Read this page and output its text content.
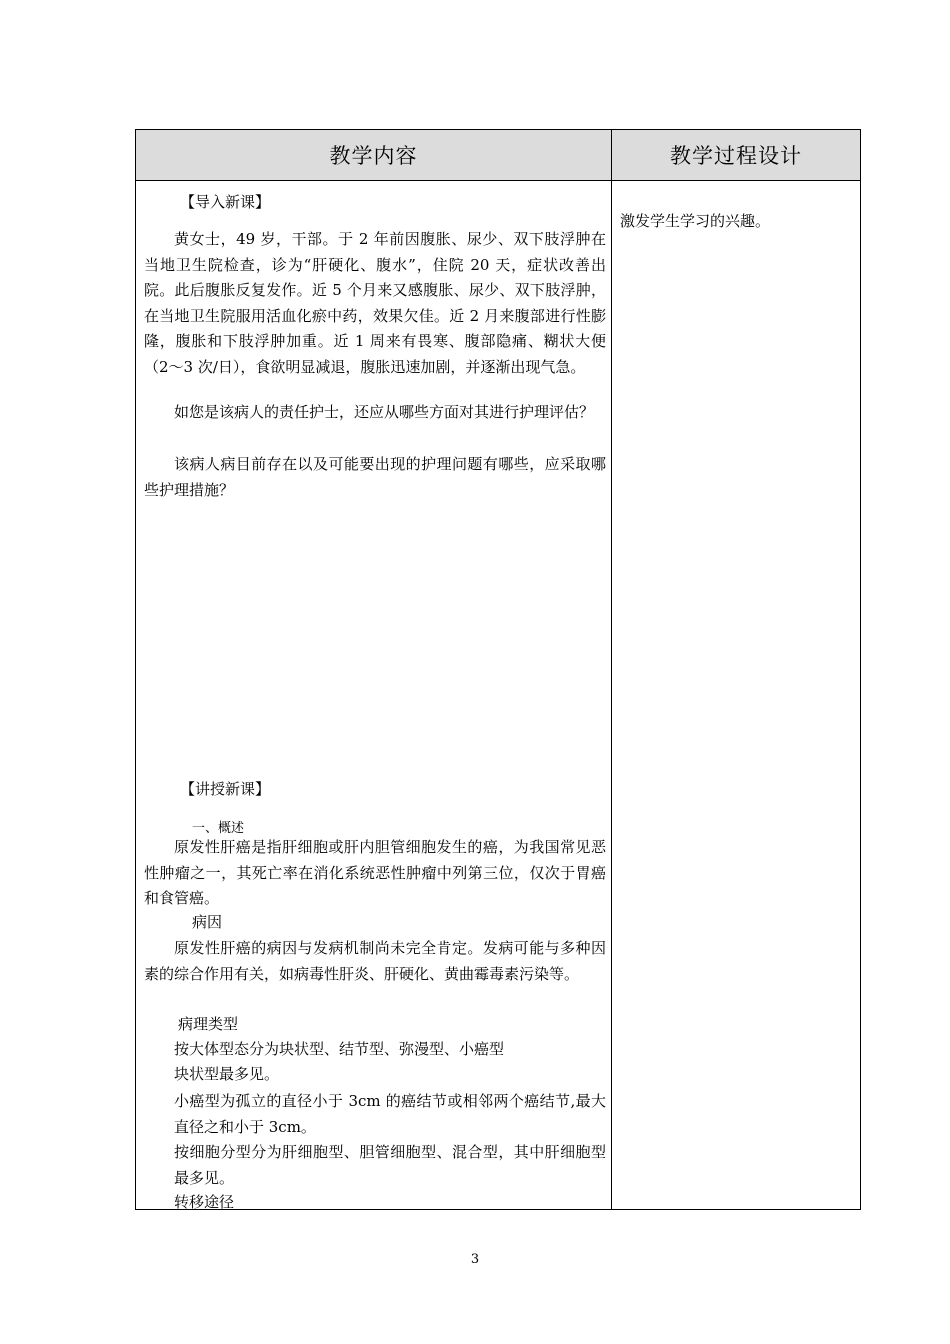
教学内容	教学过程设计
【导入新课】
黄女士，49 岁，干部。于 2 年前因腹胀、尿少、双下肢浮肿在当地卫生院检查，诊为“肝硬化、腹水”，住院 20 天，症状改善出院。此后腹胀反复发作。近 5 个月来又感腹胀、尿少、双下肢浮肿，在当地卫生院服用活血化瘀中药，效果欠佳。近 2 月来腹部进行性膨隆，腹胀和下肢浮肿加重。近 1 周来有畏寒、腹部隐痛、糊状大便（2～3 次/日），食欲明显减退，腹胀迅速加剧，并逐渐出现气急。
如您是该病人的责任护士，还应从哪些方面对其进行护理评估？
该病人病目前存在以及可能要出现的护理问题有哪些，应采取哪些护理措施？
【讲授新课】
一、概述
原发性肝癌是指肝细胞或肝内胆管细胞发生的癌，为我国常见恶性肿瘤之一，其死亡率在消化系统恶性肿瘤中列第三位，仅次于胃癌和食管癌。
病因
原发性肝癌的病因与发病机制尚未完全肯定。发病可能与多种因素的综合作用有关，如病毒性肝炎、肝硬化、黄曲霉毒素污染等。
病理类型
按大体型态分为块状型、结节型、弥漫型、小癌型
块状型最多见。
小癌型为孤立的直径小于 3cm 的癌结节或相邻两个癌结节,最大直径之和小于 3cm。
按细胞分型分为肝细胞型、胆管细胞型、混合型，其中肝细胞型最多见。
转移途径
激发学生学习的兴趣。
3
